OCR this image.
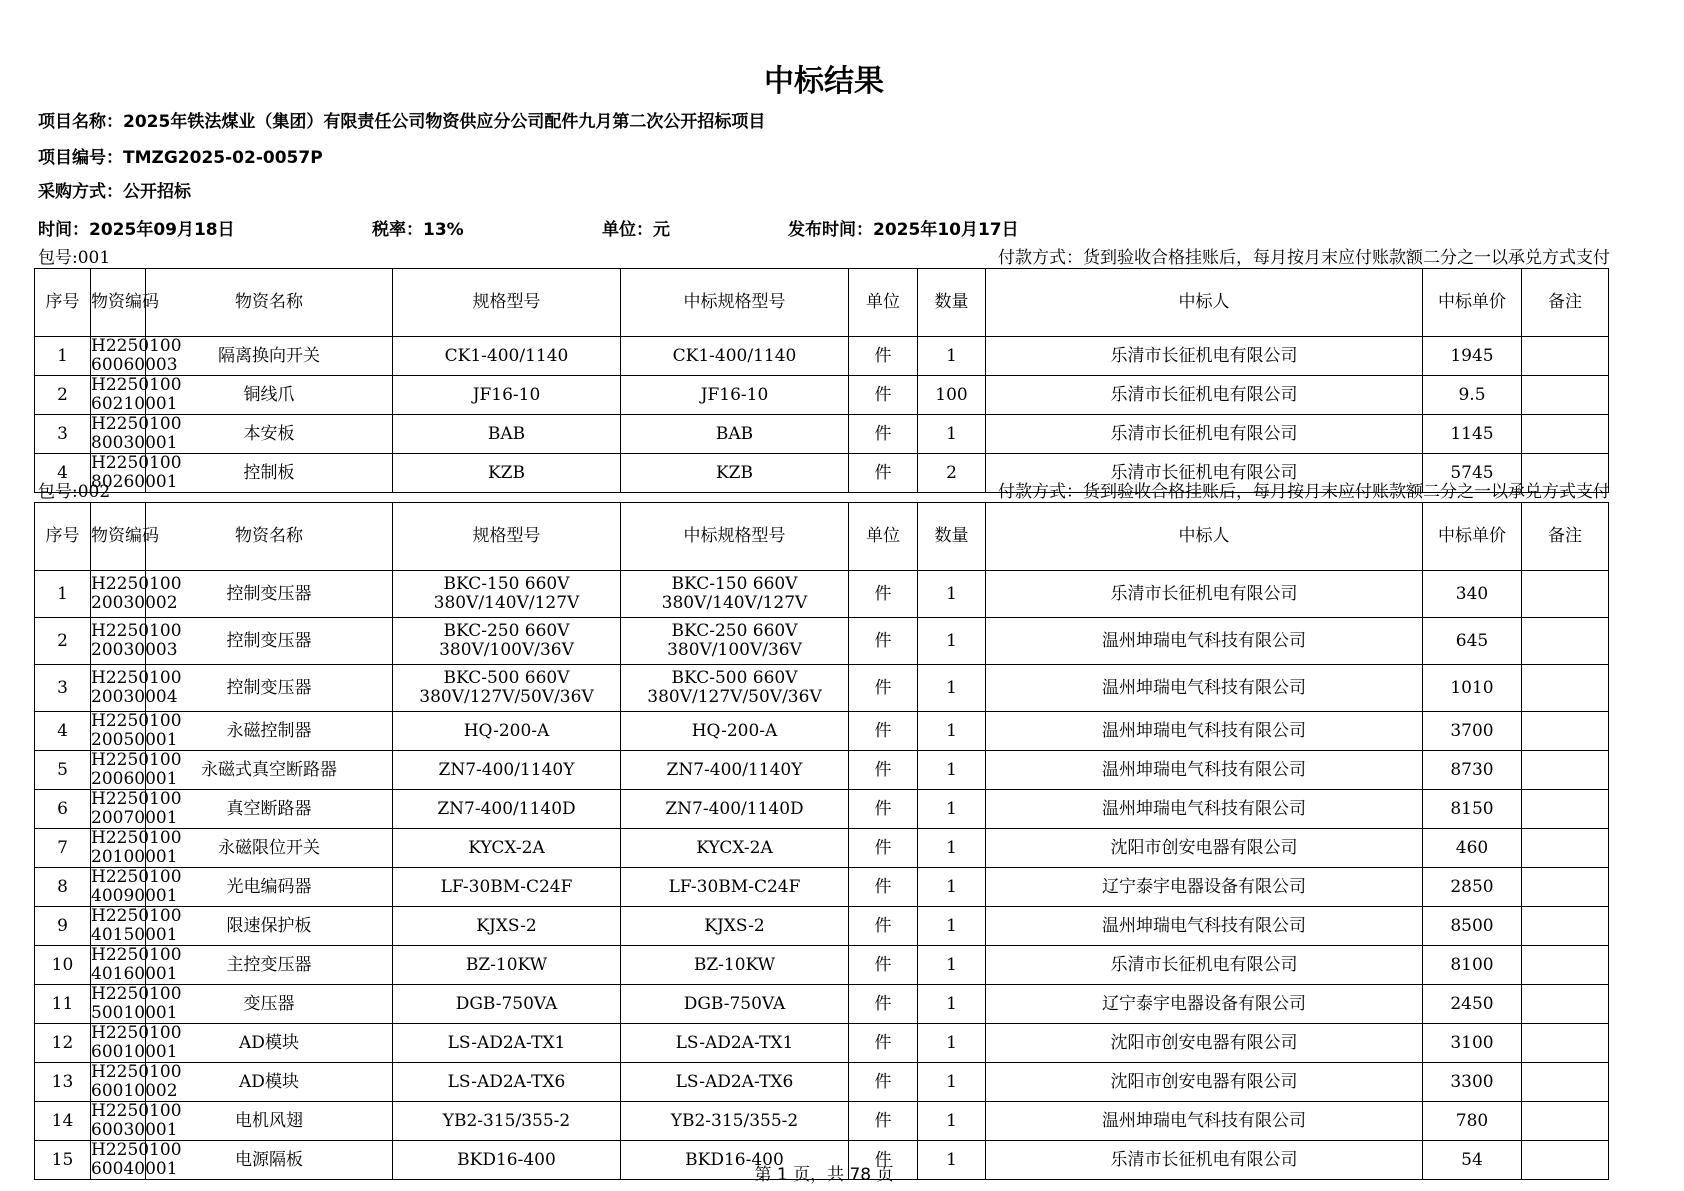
中标结果
项目名称：2025年铁法煤业（集团）有限责任公司物资供应分公司配件九月第二次公开招标项目
项目编号：TMZG2025-02-0057P
采购方式：公开招标
时间：2025年09月18日	税率：13%	单位：元	发布时间：2025年10月17日
包号:001	付款方式：货到验收合格挂账后，每月按月末应付账款额二分之一以承兑方式支付
序号	物资编码	物资名称	规格型号	中标规格型号	单位	数量	中标人	中标单价	备注
1	H2250100
60060003	隔离换向开关	CK1-400/1140	CK1-400/1140	件	1	乐清市长征机电有限公司	1945	
2	H2250100
60210001	铜线爪	JF16-10	JF16-10	件	100	乐清市长征机电有限公司	9.5	
3	H2250100
80030001	本安板	BAB	BAB	件	1	乐清市长征机电有限公司	1145	
4	H2250100
80260001	控制板	KZB	KZB	件	2	乐清市长征机电有限公司	5745	
包号:002	付款方式：货到验收合格挂账后，每月按月末应付账款额二分之一以承兑方式支付
序号	物资编码	物资名称	规格型号	中标规格型号	单位	数量	中标人	中标单价	备注
1	H2250100
20030002	控制变压器	BKC-150 660V
380V/140V/127V	BKC-150 660V
380V/140V/127V	件	1	乐清市长征机电有限公司	340	
2	H2250100
20030003	控制变压器	BKC-250 660V
380V/100V/36V	BKC-250 660V
380V/100V/36V	件	1	温州坤瑞电气科技有限公司	645	
3	H2250100
20030004	控制变压器	BKC-500 660V
380V/127V/50V/36V	BKC-500 660V
380V/127V/50V/36V	件	1	温州坤瑞电气科技有限公司	1010	
4	H2250100
20050001	永磁控制器	HQ-200-A	HQ-200-A	件	1	温州坤瑞电气科技有限公司	3700	
5	H2250100
20060001	永磁式真空断路器	ZN7-400/1140Y	ZN7-400/1140Y	件	1	温州坤瑞电气科技有限公司	8730	
6	H2250100
20070001	真空断路器	ZN7-400/1140D	ZN7-400/1140D	件	1	温州坤瑞电气科技有限公司	8150	
7	H2250100
20100001	永磁限位开关	KYCX-2A	KYCX-2A	件	1	沈阳市创安电器有限公司	460	
8	H2250100
40090001	光电编码器	LF-30BM-C24F	LF-30BM-C24F	件	1	辽宁泰宇电器设备有限公司	2850	
9	H2250100
40150001	限速保护板	KJXS-2	KJXS-2	件	1	温州坤瑞电气科技有限公司	8500	
10	H2250100
40160001	主控变压器	BZ-10KW	BZ-10KW	件	1	乐清市长征机电有限公司	8100	
11	H2250100
50010001	变压器	DGB-750VA	DGB-750VA	件	1	辽宁泰宇电器设备有限公司	2450	
12	H2250100
60010001	AD模块	LS-AD2A-TX1	LS-AD2A-TX1	件	1	沈阳市创安电器有限公司	3100	
13	H2250100
60010002	AD模块	LS-AD2A-TX6	LS-AD2A-TX6	件	1	沈阳市创安电器有限公司	3300	
14	H2250100
60030001	电机风翅	YB2-315/355-2	YB2-315/355-2	件	1	温州坤瑞电气科技有限公司	780	
15	H2250100
60040001	电源隔板	BKD16-400	BKD16-400	件	1	乐清市长征机电有限公司	54	
第 1 页，共 78 页
